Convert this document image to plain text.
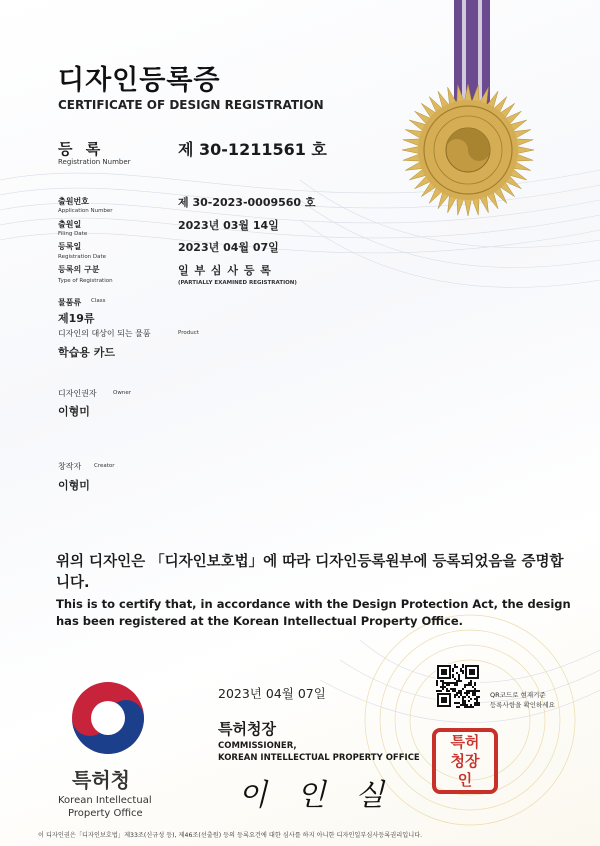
디자인등록증
CERTIFICATE OF DESIGN REGISTRATION
등 록
Registration Number
제 30-1211561 호
출원번호
Application Number
제 30-2023-0009560 호
출원일
Filing Date
2023년 03월 14일
등록일
Registration Date
2023년 04월 07일
등록의 구분
Type of Registration
일 부 심 사 등 록
(PARTIALLY EXAMINED REGISTRATION)
물품류 Class
제19류
디자인의 대상이 되는 물품	Product
학습용 카드
디자인권자	Owner
이형미
창작자 Creator
이형미
위의 디자인은 「디자인보호법」에 따라 디자인등록원부에 등록되었음을 증명합니다.
This is to certify that, in accordance with the Design Protection Act, the design has been registered at the Korean Intellectual Property Office.
특허청
Korean Intellectual
Property Office
2023년 04월 07일
특허청장
COMMISSIONER,
KOREAN INTELLECTUAL PROPERTY OFFICE
이 인 실
특허청장인
QR코드로 현재기준
등록사항을 확인하세요
이 디자인권은「디자인보호법」제33조(신규성 등), 제46조(선출원) 등의 등록요건에 대한 심사를 하지 아니한 디자인일부심사등록권리입니다.
